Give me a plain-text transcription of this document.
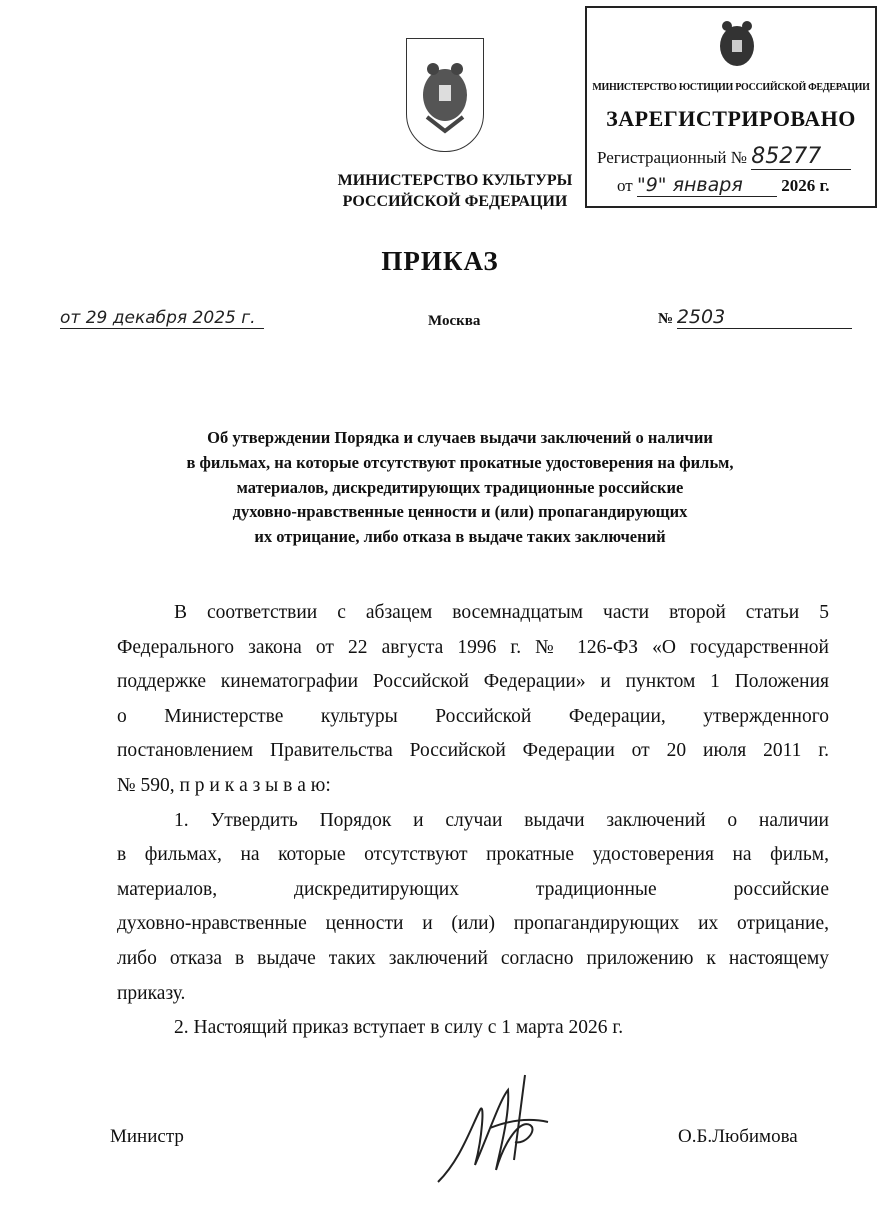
МИНИСТЕРСТВО КУЛЬТУРЫ
РОССИЙСКОЙ ФЕДЕРАЦИИ
МИНИСТЕРСТВО ЮСТИЦИИ РОССИЙСКОЙ ФЕДЕРАЦИИ
ЗАРЕГИСТРИРОВАНО
Регистрационный № 85277
от "9" января 2026 г.
ПРИКАЗ
от 29 декабря 2025 г.	Москва	№ 2503
Об утверждении Порядка и случаев выдачи заключений о наличии
в фильмах, на которые отсутствуют прокатные удостоверения на фильм,
материалов, дискредитирующих традиционные российские
духовно-нравственные ценности и (или) пропагандирующих
их отрицание, либо отказа в выдаче таких заключений
В соответствии с абзацем восемнадцатым части второй статьи 5
Федерального закона от 22 августа 1996 г. № 126-ФЗ «О государственной
поддержке кинематографии Российской Федерации» и пунктом 1 Положения
о Министерстве культуры Российской Федерации, утвержденного
постановлением Правительства Российской Федерации от 20 июля 2011 г.
№ 590, п р и к а з ы в а ю:
1. Утвердить Порядок и случаи выдачи заключений о наличии
в фильмах, на которые отсутствуют прокатные удостоверения на фильм,
материалов, дискредитирующих традиционные российские
духовно-нравственные ценности и (или) пропагандирующих их отрицание,
либо отказа в выдаче таких заключений согласно приложению к настоящему
приказу.
2. Настоящий приказ вступает в силу с 1 марта 2026 г.
Министр	О.Б.Любимова
